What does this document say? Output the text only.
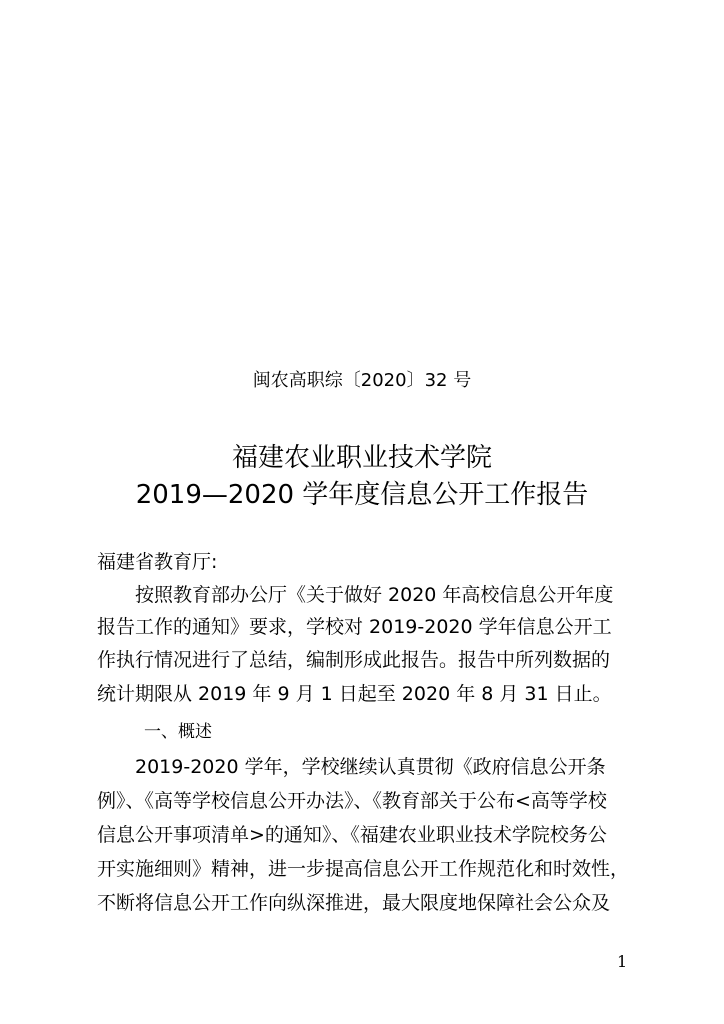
闽农高职综〔2020〕32 号
福建农业职业技术学院
2019—2020 学年度信息公开工作报告
福建省教育厅:
按照教育部办公厅《关于做好 2020 年高校信息公开年度
报告工作的通知》要求，学校对 2019-2020 学年信息公开工
作执行情况进行了总结，编制形成此报告。报告中所列数据的
统计期限从 2019 年 9 月 1 日起至 2020 年 8 月 31 日止。
一、概述
2019-2020 学年，学校继续认真贯彻《政府信息公开条
例》、《高等学校信息公开办法》、《教育部关于公布<高等学校
信息公开事项清单>的通知》、《福建农业职业技术学院校务公
开实施细则》精神，进一步提高信息公开工作规范化和时效性，
不断将信息公开工作向纵深推进，最大限度地保障社会公众及
1
